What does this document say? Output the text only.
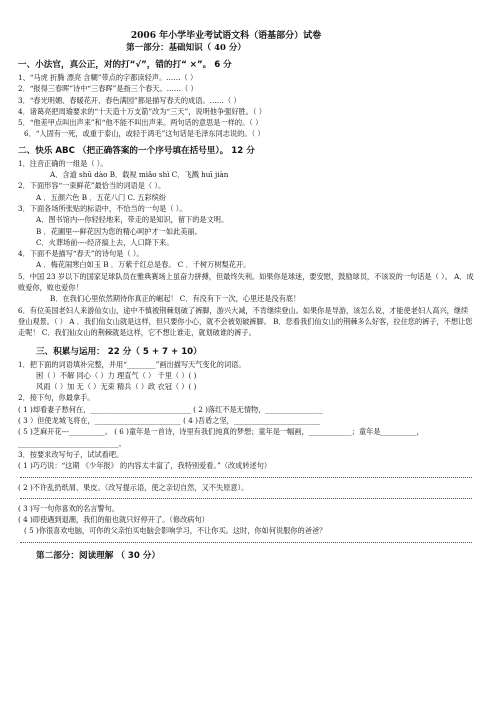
2006 年小学毕业考试语文科（语基部分）试卷
第一部分：基础知识（ 40 分）
一、小法官，真公正，对的打“√”，错的打“ ×”。 6 分
1、“马虎 折腾 漂亮 含糊”带点的字都读轻声。……（ ）
2．“报得三春晖”诗中“三春晖”是指三个春天。……（ ）
3．“春光明媚、春暖花开、春色满园”都是描写春天的成语。……（ ）
4．诸葛亮把周瑜要求的“十天造十万支箭”改为“三天”，说明他争强好胜。（ ）
5．“他差甲点叫出声来”和“他不能不叫出声来。两句话的意思是一样的。（ ）
6．“人固有一死，或重于泰山，或轻于鸿毛”这句话是毛泽东同志说的。（ ）
二、快乐 ABC （把正确答案的一个序号填在括号里）。 12 分
1．注音正确的一组是（ ）。
A．含道 shū dào B．载视 miǎo shì C．飞溅 huī jiàn
2．下面形容“一束鲜花”最恰当的词语是（ ）。
A ．五颜六色 B ．五花八门 C. 五彩缤纷
3．下面各场所张贴的标语中，不恰当的一句是（ ）。
A．图书馆内---你轻轻地来，带走的是知识，留下的是文明。
B ．花圃里---鲜花因为您的精心呵护才一如此美丽。
C．火葬场前----经济搞上去，人口降下来。
4．下面不是描写“春天”的诗句是（ ）。
A ．梅花闹寒白如玉 B ．万紫千红总是春。 C ．千树万树梨花开。
5．中国 23 岁以下的国家足球队员在雅典赛场上虽奋力拼搏，但最终失利。如果你是球迷，要安慰，鼓励球员，不该说的一句话是（ ）。 A．成败爱你，败也爱你！
B．在我们心里依然期待你真正的崛起！ C．有没有下一次，心里还是没有底！
6．有位美国老妇人来游仙女山，途中不慎被荆棘划破了裤脚，游兴大减，不肯继续登山。如果你是导游，该怎么说，才能使老妇人高兴，继续登山观景。（ ） A ．我们仙女山就是这样，但只要你小心，就不会被划破裤脚。 B．您看我们仙女山的荆棘多么好客，拉住您的裤子，不想让您走呢！ C．我们仙女山的荆棘就是这样，它不想让谁走，就划破谁的裤子。
三、积累与运用： 22 分（ 5 + 7 + 10）
1．把下面的词语填补完整，并用“________”画出描写天气变化的词语。
困（ ）不解 同心（ ）力 理直气（ ） 千里（ ）( )
风雨（ ）加 无（ ）无束 精兵（ ）政 衣冠（ ）( )
2．接下句，你最拿手。
( 1 )却看妻子愁何在，____________________________ ( 2 )落红不是无情物，________________
( 3 ）但使龙城飞将在，________________________ ( 4 )吾盾之坚，________________________
( 5 )芝麻开花---__________。 ( 6 )童年是一首诗，诗里有我们纯真的梦想；童年是一幅画，____________；童年是__________，____________________________。
3．按要求改写句子，试试看吧。
( 1 )巧巧说：“这期 《少年报》 的内容太丰富了，我特别爱看。”（改成转述句）
( 2 )不许乱扔纸屑、果皮。（改写提示语，使之亲切自然，又不失原意）。
( 3 )写一句你喜欢的名言警句。
( 4 )即使遇到退潮，我们的船也就只好停开了。（修改病句）
( 5 )你很喜欢电脑，可你的父亲怕买电脑会影响学习，不让你买。这时，你如何说服你的爸爸？
第二部分：阅读理解 （ 30 分）
